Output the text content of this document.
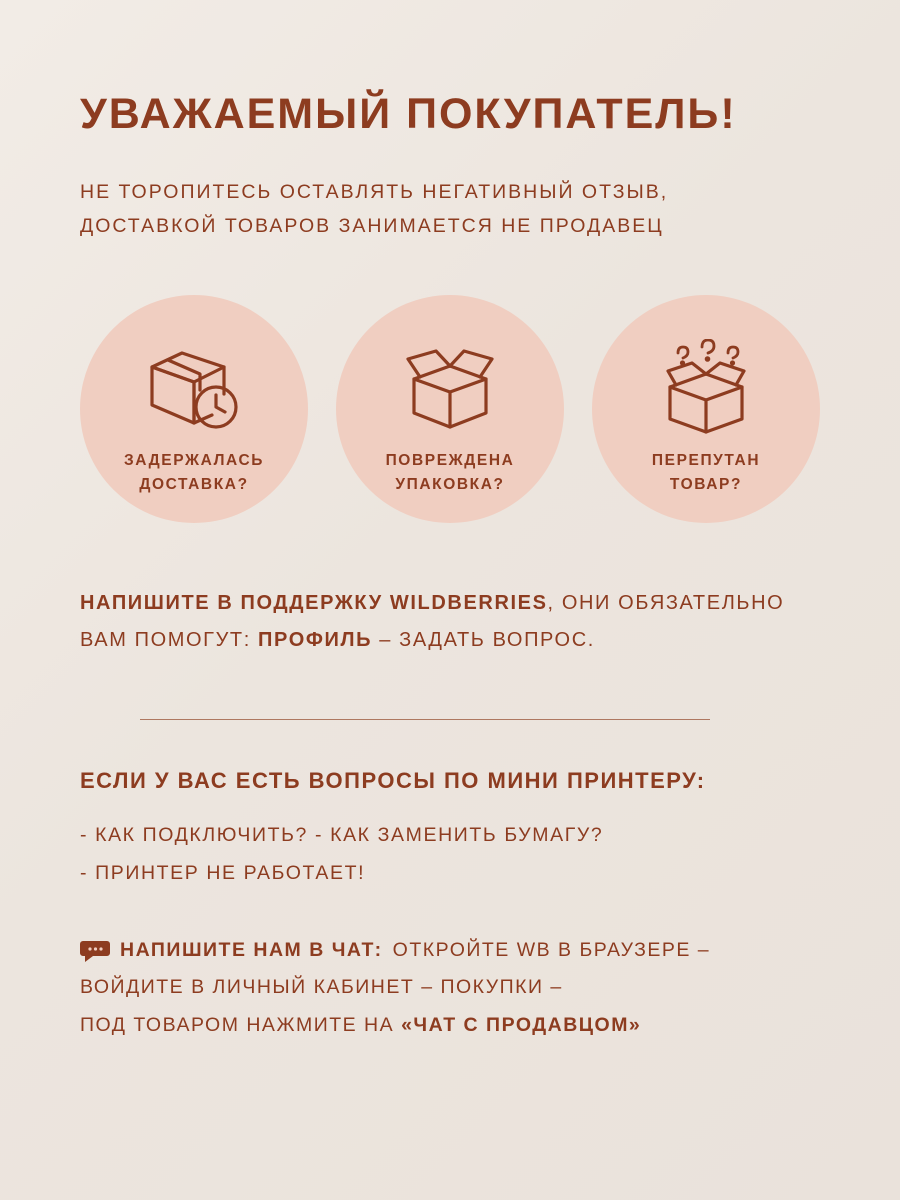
УВАЖАЕМЫЙ ПОКУПАТЕЛЬ!
НЕ ТОРОПИТЕСЬ ОСТАВЛЯТЬ НЕГАТИВНЫЙ ОТЗЫВ,
ДОСТАВКОЙ ТОВАРОВ ЗАНИМАЕТСЯ НЕ ПРОДАВЕЦ
ЗАДЕРЖАЛАСЬ
ДОСТАВКА?
ПОВРЕЖДЕНА
УПАКОВКА?
ПЕРЕПУТАН
ТОВАР?
НАПИШИТЕ В ПОДДЕРЖКУ WILDBERRIES, ОНИ ОБЯЗАТЕЛЬНО
ВАМ ПОМОГУТ: ПРОФИЛЬ – ЗАДАТЬ ВОПРОС.
ЕСЛИ У ВАС ЕСТЬ ВОПРОСЫ ПО МИНИ ПРИНТЕРУ:
- КАК ПОДКЛЮЧИТЬ? - КАК ЗАМЕНИТЬ БУМАГУ?
- ПРИНТЕР НЕ РАБОТАЕТ!
НАПИШИТЕ НАМ В ЧАТ: ОТКРОЙТЕ WB В БРАУЗЕРЕ –
ВОЙДИТЕ В ЛИЧНЫЙ КАБИНЕТ – ПОКУПКИ –
ПОД ТОВАРОМ НАЖМИТЕ НА «ЧАТ С ПРОДАВЦОМ»
